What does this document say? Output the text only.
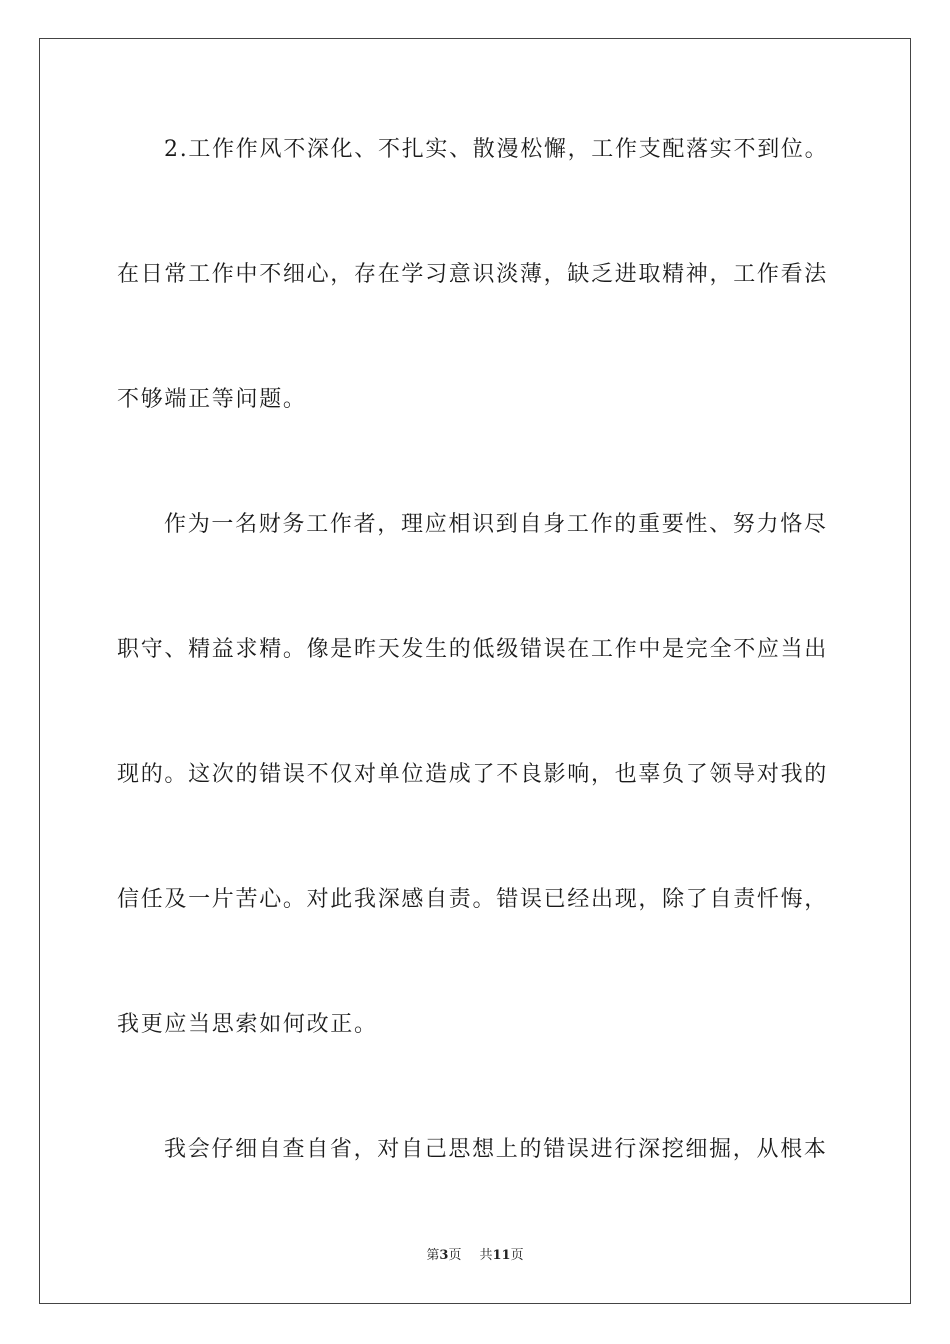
2.工作作风不深化、不扎实、散漫松懈，工作支配落实不到位。
在日常工作中不细心，存在学习意识淡薄，缺乏进取精神，工作看法
不够端正等问题。
作为一名财务工作者，理应相识到自身工作的重要性、努力恪尽
职守、精益求精。像是昨天发生的低级错误在工作中是完全不应当出
现的。这次的错误不仅对单位造成了不良影响，也辜负了领导对我的
信任及一片苦心。对此我深感自责。错误已经出现，除了自责忏悔，
我更应当思索如何改正。
我会仔细自查自省，对自己思想上的错误进行深挖细掘，从根本
第3页 共11页
